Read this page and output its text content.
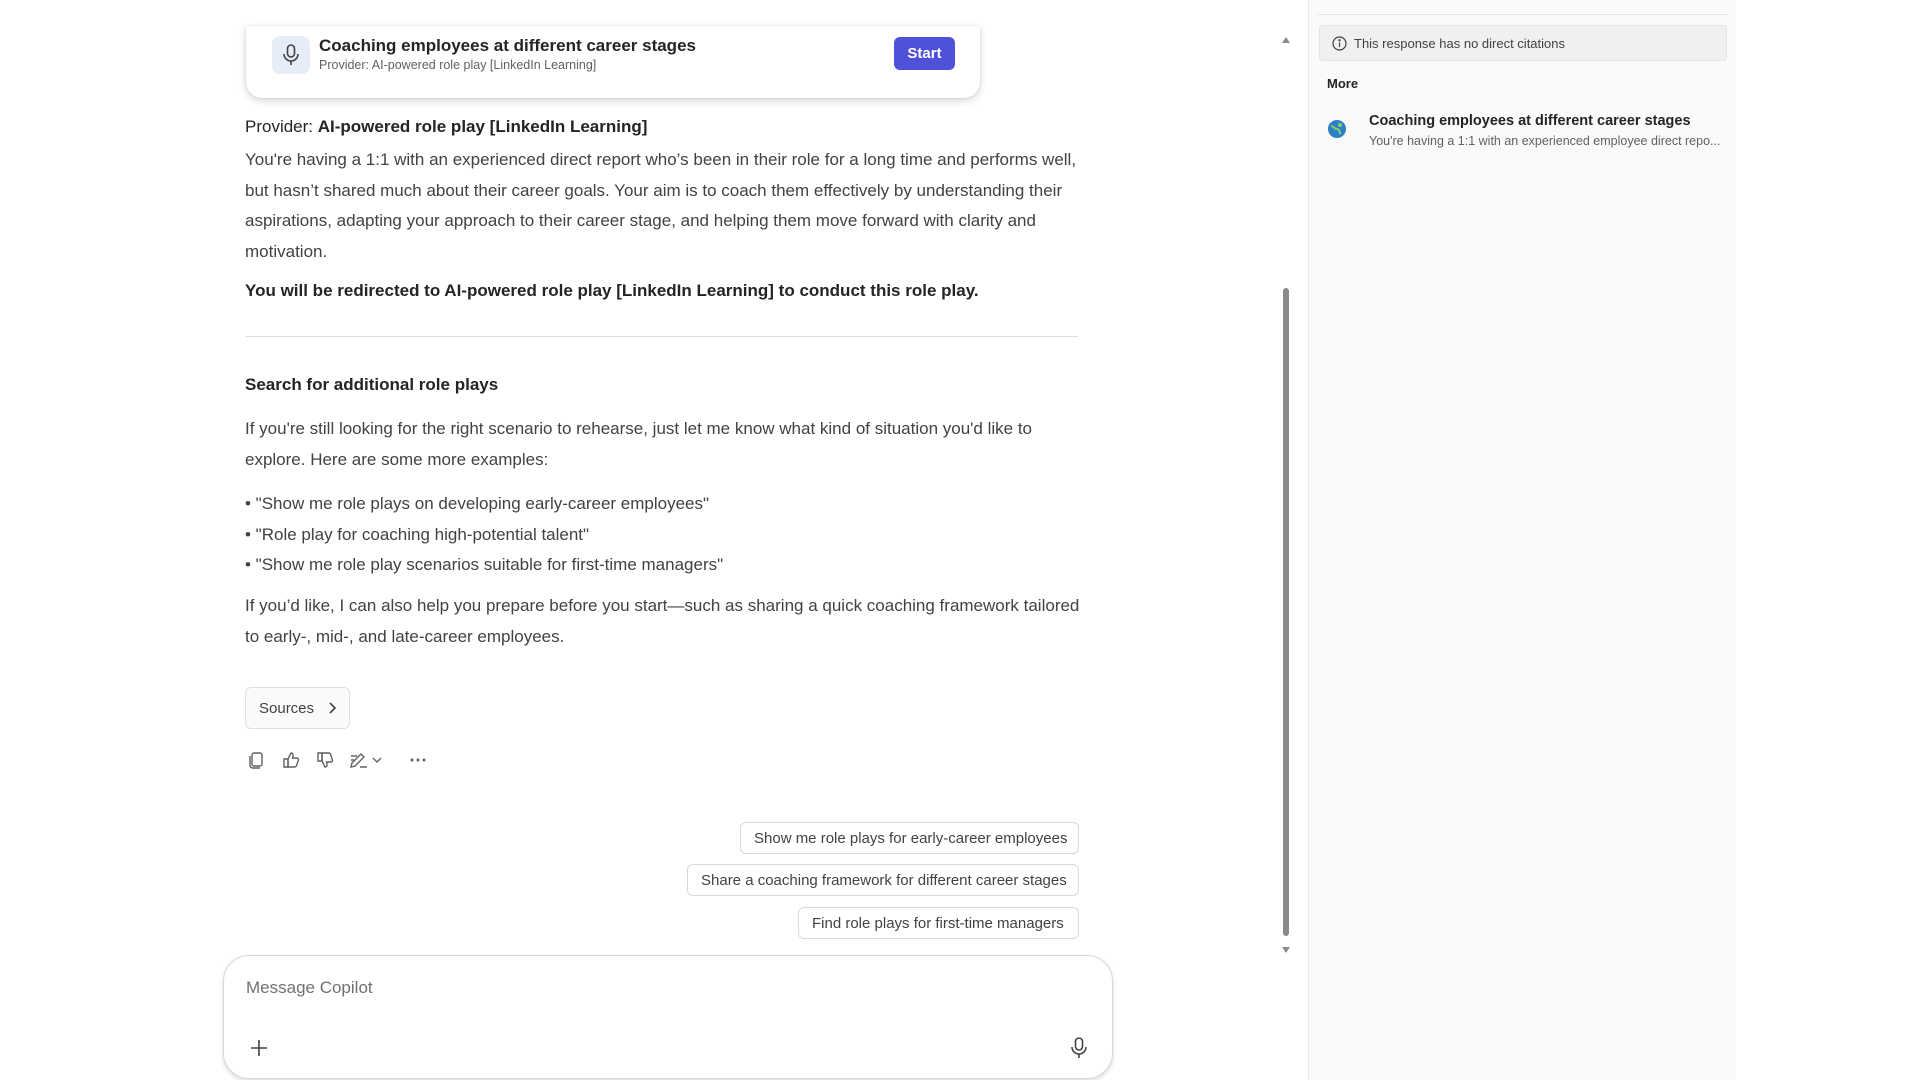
Coaching employees at different career stages
Provider: AI-powered role play [LinkedIn Learning]
Start
Provider: AI-powered role play [LinkedIn Learning]

You're having a 1:1 with an experienced direct report who’s been in their role for a long time and performs well, but hasn’t shared much about their career goals. Your aim is to coach them effectively by understanding their aspirations, adapting your approach to their career stage, and helping them move forward with clarity and motivation.

You will be redirected to AI-powered role play [LinkedIn Learning] to conduct this role play.
Search for additional role plays

If you're still looking for the right scenario to rehearse, just let me know what kind of situation you'd like to explore. Here are some more examples:

• "Show me role plays on developing early-career employees"
• "Role play for coaching high-potential talent"
• "Show me role play scenarios suitable for first-time managers"

If you’d like, I can also help you prepare before you start—such as sharing a quick coaching framework tailored to early-, mid-, and late-career employees.

Sources
Show me role plays for early-career employees
Share a coaching framework for different career stages
Find role plays for first-time managers
Message Copilot
This response has no direct citations
More
Coaching employees at different career stages
You're having a 1:1 with an experienced employee direct repo...
